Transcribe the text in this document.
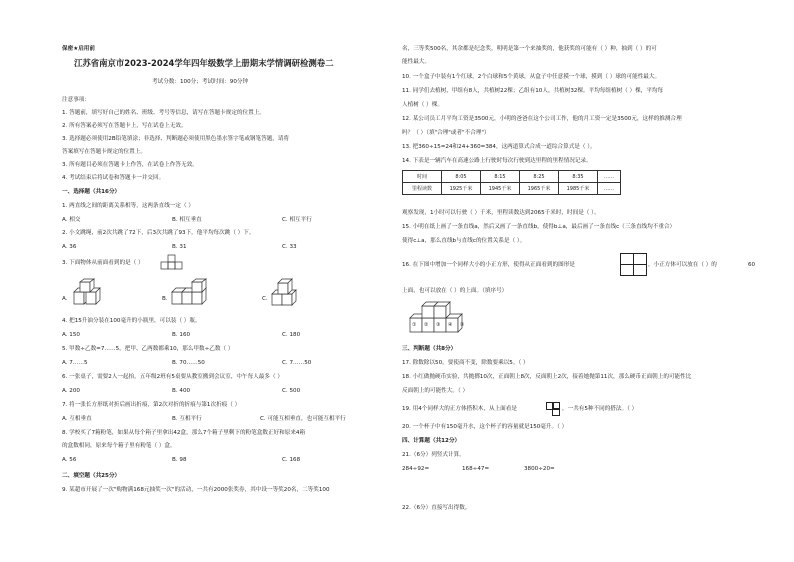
保密★启用前
江苏省南京市2023-2024学年四年级数学上册期末学情调研检测卷二
考试分数：100分；考试时间：90分钟
注意事项：
1. 答题前，填写好自己的姓名、班级、考号等信息，请写在答题卡规定的位置上。
2. 所有答案必须写在答题卡上，写在试卷上无效。
3. 选择题必须使用2B铅笔填涂；非选择、判断题必须使用黑色墨水签字笔或钢笔答题，请将
答案填写在答题卡规定的位置上。
3. 所有题目必须在答题卡上作答，在试卷上作答无效。
4. 考试结束后将试卷和答题卡一并交回。
一、选择题（共16分）
1. 两直线之间的距离关系相等，这两条直线一定（ ）
A. 相交	B. 相互垂直	C. 相互平行
2. 小文跳绳，前2次共跳了72下，后3次共跳了93下，他平均每次跳（ ）下。
A. 36	B. 31	C. 33
3. 下面物体从前面看到的是（ ）
A.	B.	C.
4. 把15升油分装在100毫升的小瓶里，可以装（ ）瓶。
A. 150	B. 160	C. 180
5. 甲数÷乙数=7……5，把甲、乙两数都乘10，那么甲数÷乙数（ ）
A. 7……5	B. 70……50	C. 7……50
6. 一张桌子，需要2人一起抬。五年级2班有5桌要从教室搬到会议室，中午每人最多（ ）
A. 200	B. 400	C. 500
7. 将一张长方形纸对折后画出折痕，第2次对折的折痕与第1次折痕（ ）
A. 互相垂直	B. 互相平行	C. 可能互相垂直，也可能互相平行
8. 学校买了7箱粉笔，如果从每个箱子里拿出42盒，那么7个箱子里剩下的粉笔盒数正好和原来4箱
的盒数相同，原来每个箱子里有粉笔（ ）盒。
A. 56	B. 98	C. 168
二、填空题（共25分）
9. 某超市开展了一次"购物满168元抽奖一次"的活动，一共有2000张奖券，其中设一等奖20名，二等奖100
名，三等奖500名，其余都是纪念奖。明明是第一个来抽奖的，他获奖的可能有（ ）种，抽到（ ）的可
能性最大。
10. 一个盒子中装有1个红球，2个白球和5个黄球，从盒子中任意摸一个球，摸到（ ）球的可能性最大。
11. 同学们去植树，甲组有8人，共植树22棵；乙组有10人，共植树32棵。平均每组植树（ ）棵，平均每
人植树（ ）棵。
12. 某公司员工月平均工资是3500元，小明的爸爸在这个公司工作，他的月工资一定是3500元，这样的推测合理
吗？（ ）（填"合理"或者"不合理"）
13. 把360÷15=24和24+360=384，这两道算式合成一道综合算式是（ ）。
14. 下表是一辆汽车在高速公路上行驶时每次行驶到达里程的里程情况记录。
时间	8:05	8:15	8:25	8:35	……
里程读数	1925千米	1945千米	1965千米	1985千米	……
观察发现，1小时可以行驶（ ）千米，里程读数达到2065千米时，时间是（ ）。
15. 小明在纸上画了一条直线a，然后又画了一条直线b，使得b⊥a，最后画了一条直线c（三条直线均不重合）
使得c⊥a，那么直线b与直线c的位置关系是（ ）。
16. 在下图中增加一个同样大小的小正方形，使得从正面看到的图形是	，小正方体可以放在（ ）的	60
上面，也可以放在（ ）的上面。（填序号）
① ② ③ ④ ⑤
三、判断题（共8分）
17. 除数除以50，要使商不变，除数要乘以5。（ ）
18. 小红做抛硬币实验，共抛掷10次，正面朝上8次，反面朝上2次，接着她抛第11次，那么硬币正面朝上的可能性比
反面朝上的可能性大。（ ）
19. 用4个同样大的正方体搭积木，从上面看是	，一共有5种不同的搭法。（ ）
20. 一个杯子中有150毫升水，这个杯子的容量就是150毫升。（ ）
四、计算题（共12分）
21.（6分）列竖式计算。
284÷92=	168÷47=	3800÷20=
22.（6分）直接写出得数。
